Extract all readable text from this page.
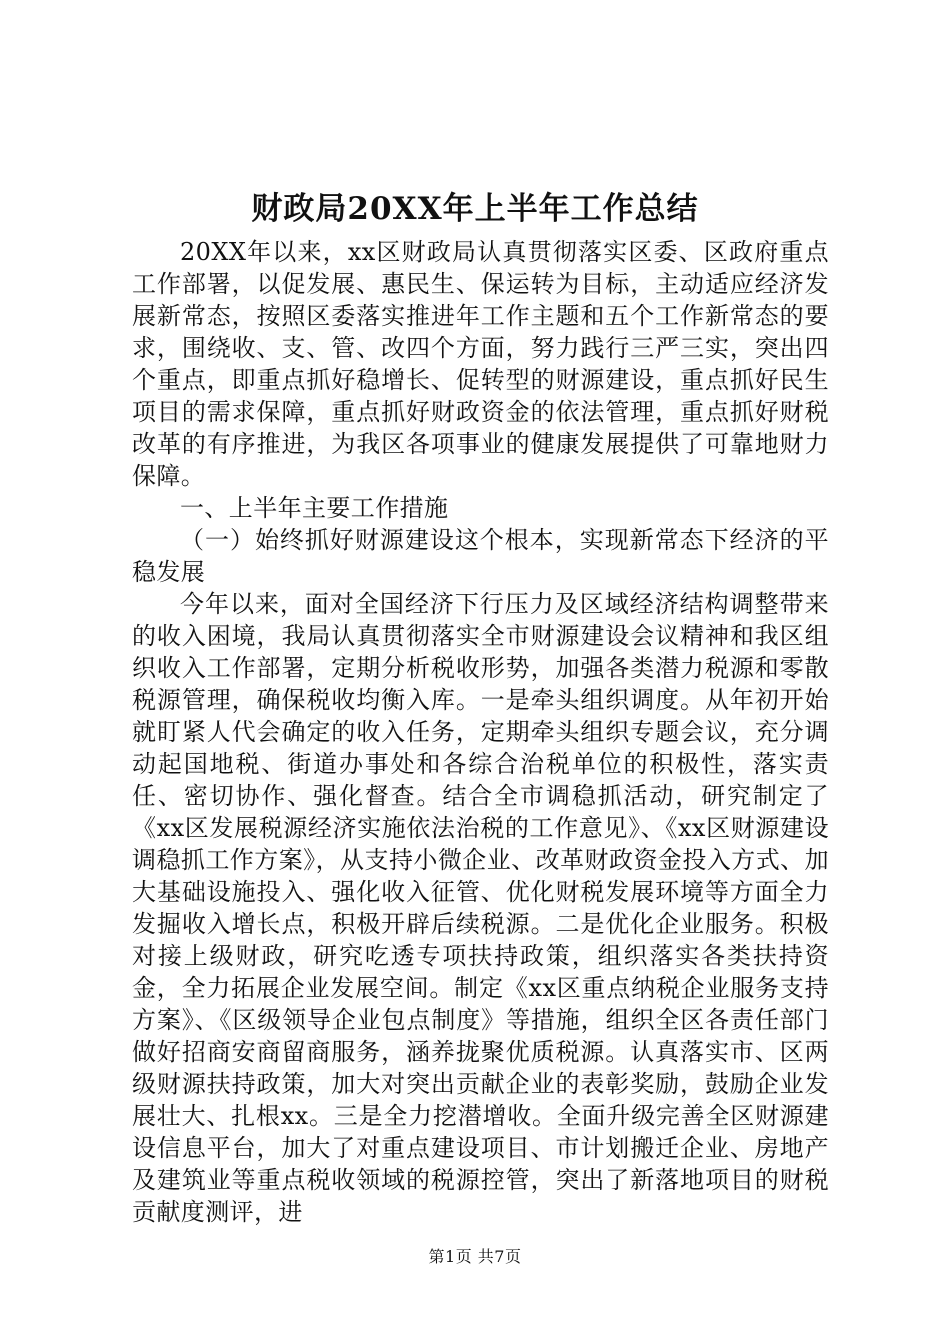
财政局20XX年上半年工作总结

20XX年以来，xx区财政局认真贯彻落实区委、区政府重点工作部署，以促发展、惠民生、保运转为目标，主动适应经济发展新常态，按照区委落实推进年工作主题和五个工作新常态的要求，围绕收、支、管、改四个方面，努力践行三严三实，突出四个重点，即重点抓好稳增长、促转型的财源建设，重点抓好民生项目的需求保障，重点抓好财政资金的依法管理，重点抓好财税改革的有序推进，为我区各项事业的健康发展提供了可靠地财力保障。

一、上半年主要工作措施

（一）始终抓好财源建设这个根本，实现新常态下经济的平稳发展

今年以来，面对全国经济下行压力及区域经济结构调整带来的收入困境，我局认真贯彻落实全市财源建设会议精神和我区组织收入工作部署，定期分析税收形势，加强各类潜力税源和零散税源管理，确保税收均衡入库。一是牵头组织调度。从年初开始就盯紧人代会确定的收入任务，定期牵头组织专题会议，充分调动起国地税、街道办事处和各综合治税单位的积极性，落实责任、密切协作、强化督查。结合全市调稳抓活动，研究制定了《xx区发展税源经济实施依法治税的工作意见》、《xx区财源建设调稳抓工作方案》，从支持小微企业、改革财政资金投入方式、加大基础设施投入、强化收入征管、优化财税发展环境等方面全力发掘收入增长点，积极开辟后续税源。二是优化企业服务。积极对接上级财政，研究吃透专项扶持政策，组织落实各类扶持资金，全力拓展企业发展空间。制定《xx区重点纳税企业服务支持方案》、《区级领导企业包点制度》等措施，组织全区各责任部门做好招商安商留商服务，涵养拢聚优质税源。认真落实市、区两级财源扶持政策，加大对突出贡献企业的表彰奖励，鼓励企业发展壮大、扎根xx。三是全力挖潜增收。全面升级完善全区财源建设信息平台，加大了对重点建设项目、市计划搬迁企业、房地产及建筑业等重点税收领域的税源控管，突出了新落地项目的财税贡献度测评，进

第1页 共7页
